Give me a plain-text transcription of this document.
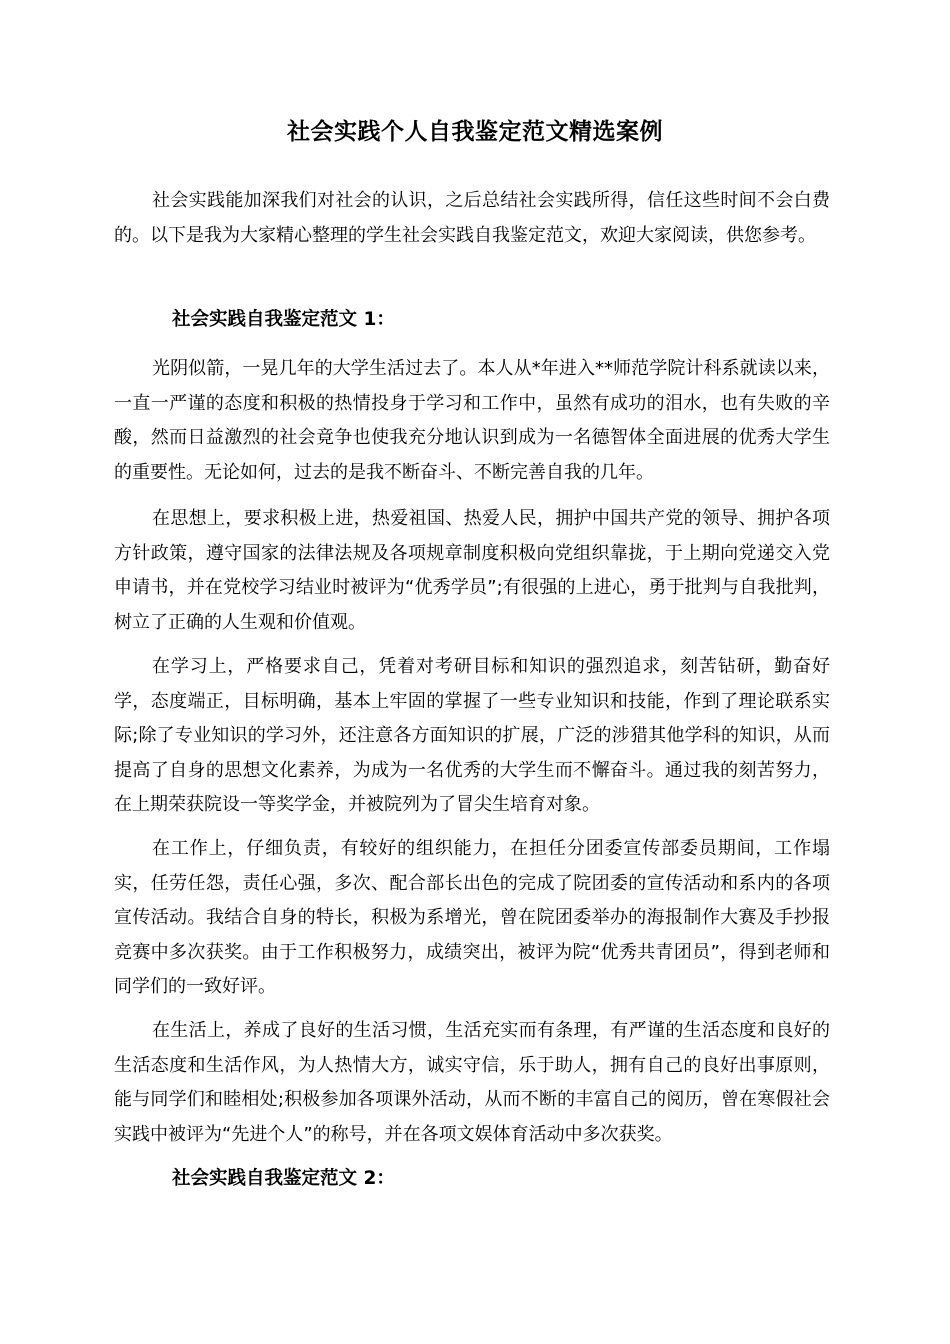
社会实践个人自我鉴定范文精选案例

社会实践能加深我们对社会的认识，之后总结社会实践所得，信任这些时间不会白费的。以下是我为大家精心整理的学生社会实践自我鉴定范文，欢迎大家阅读，供您参考。

社会实践自我鉴定范文 1：

光阴似箭，一晃几年的大学生活过去了。本人从*年进入**师范学院计科系就读以来，一直一严谨的态度和积极的热情投身于学习和工作中，虽然有成功的泪水，也有失败的辛酸，然而日益激烈的社会竟争也使我充分地认识到成为一名德智体全面进展的优秀大学生的重要性。无论如何，过去的是我不断奋斗、不断完善自我的几年。

在思想上，要求积极上进，热爱祖国、热爱人民，拥护中国共产党的领导、拥护各项方针政策，遵守国家的法律法规及各项规章制度积极向党组织靠拢，于上期向党递交入党申请书，并在党校学习结业时被评为“优秀学员”;有很强的上进心，勇于批判与自我批判，树立了正确的人生观和价值观。

在学习上，严格要求自己，凭着对考研目标和知识的强烈追求，刻苦钻研，勤奋好学，态度端正，目标明确，基本上牢固的掌握了一些专业知识和技能，作到了理论联系实际;除了专业知识的学习外，还注意各方面知识的扩展，广泛的涉猎其他学科的知识，从而提高了自身的思想文化素养，为成为一名优秀的大学生而不懈奋斗。通过我的刻苦努力，在上期荣获院设一等奖学金，并被院列为了冒尖生培育对象。

在工作上，仔细负责，有较好的组织能力，在担任分团委宣传部委员期间，工作塌实，任劳任怨，责任心强，多次、配合部长出色的完成了院团委的宣传活动和系内的各项宣传活动。我结合自身的特长，积极为系增光，曾在院团委举办的海报制作大赛及手抄报竞赛中多次获奖。由于工作积极努力，成绩突出，被评为院“优秀共青团员”，得到老师和同学们的一致好评。

在生活上，养成了良好的生活习惯，生活充实而有条理，有严谨的生活态度和良好的生活态度和生活作风，为人热情大方，诚实守信，乐于助人，拥有自己的良好出事原则，能与同学们和睦相处;积极参加各项课外活动，从而不断的丰富自己的阅历，曾在寒假社会实践中被评为“先进个人”的称号，并在各项文娱体育活动中多次获奖。

社会实践自我鉴定范文 2：
